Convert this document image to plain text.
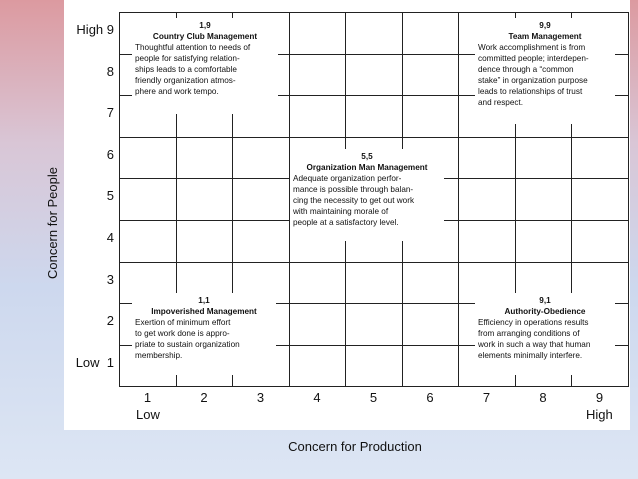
High 9
8
7
6
5
4
3
2
Low  1
1	2	3	4	5	6	7	8	9
Low	High
Concern for Production
Concern for People
1,9
Country Club Management
Thoughtful attention to needs of
people for satisfying relation-
ships leads to a comfortable
friendly organization atmos-
phere and work tempo.
9,9
Team Management
Work accomplishment is from
committed people; interdepen-
dence through a “common
stake” in organization purpose
leads to relationships of trust
and respect.
5,5
Organization Man Management
Adequate organization perfor-
mance is possible through balan-
cing the necessity to get out work
with maintaining morale of
people at a satisfactory level.
1,1
Impoverished Management
Exertion of minimum effort
to get work done is appro-
priate to sustain organization
membership.
9,1
Authority-Obedience
Efficiency in operations results
from arranging conditions of
work in such a way that human
elements minimally interfere.
